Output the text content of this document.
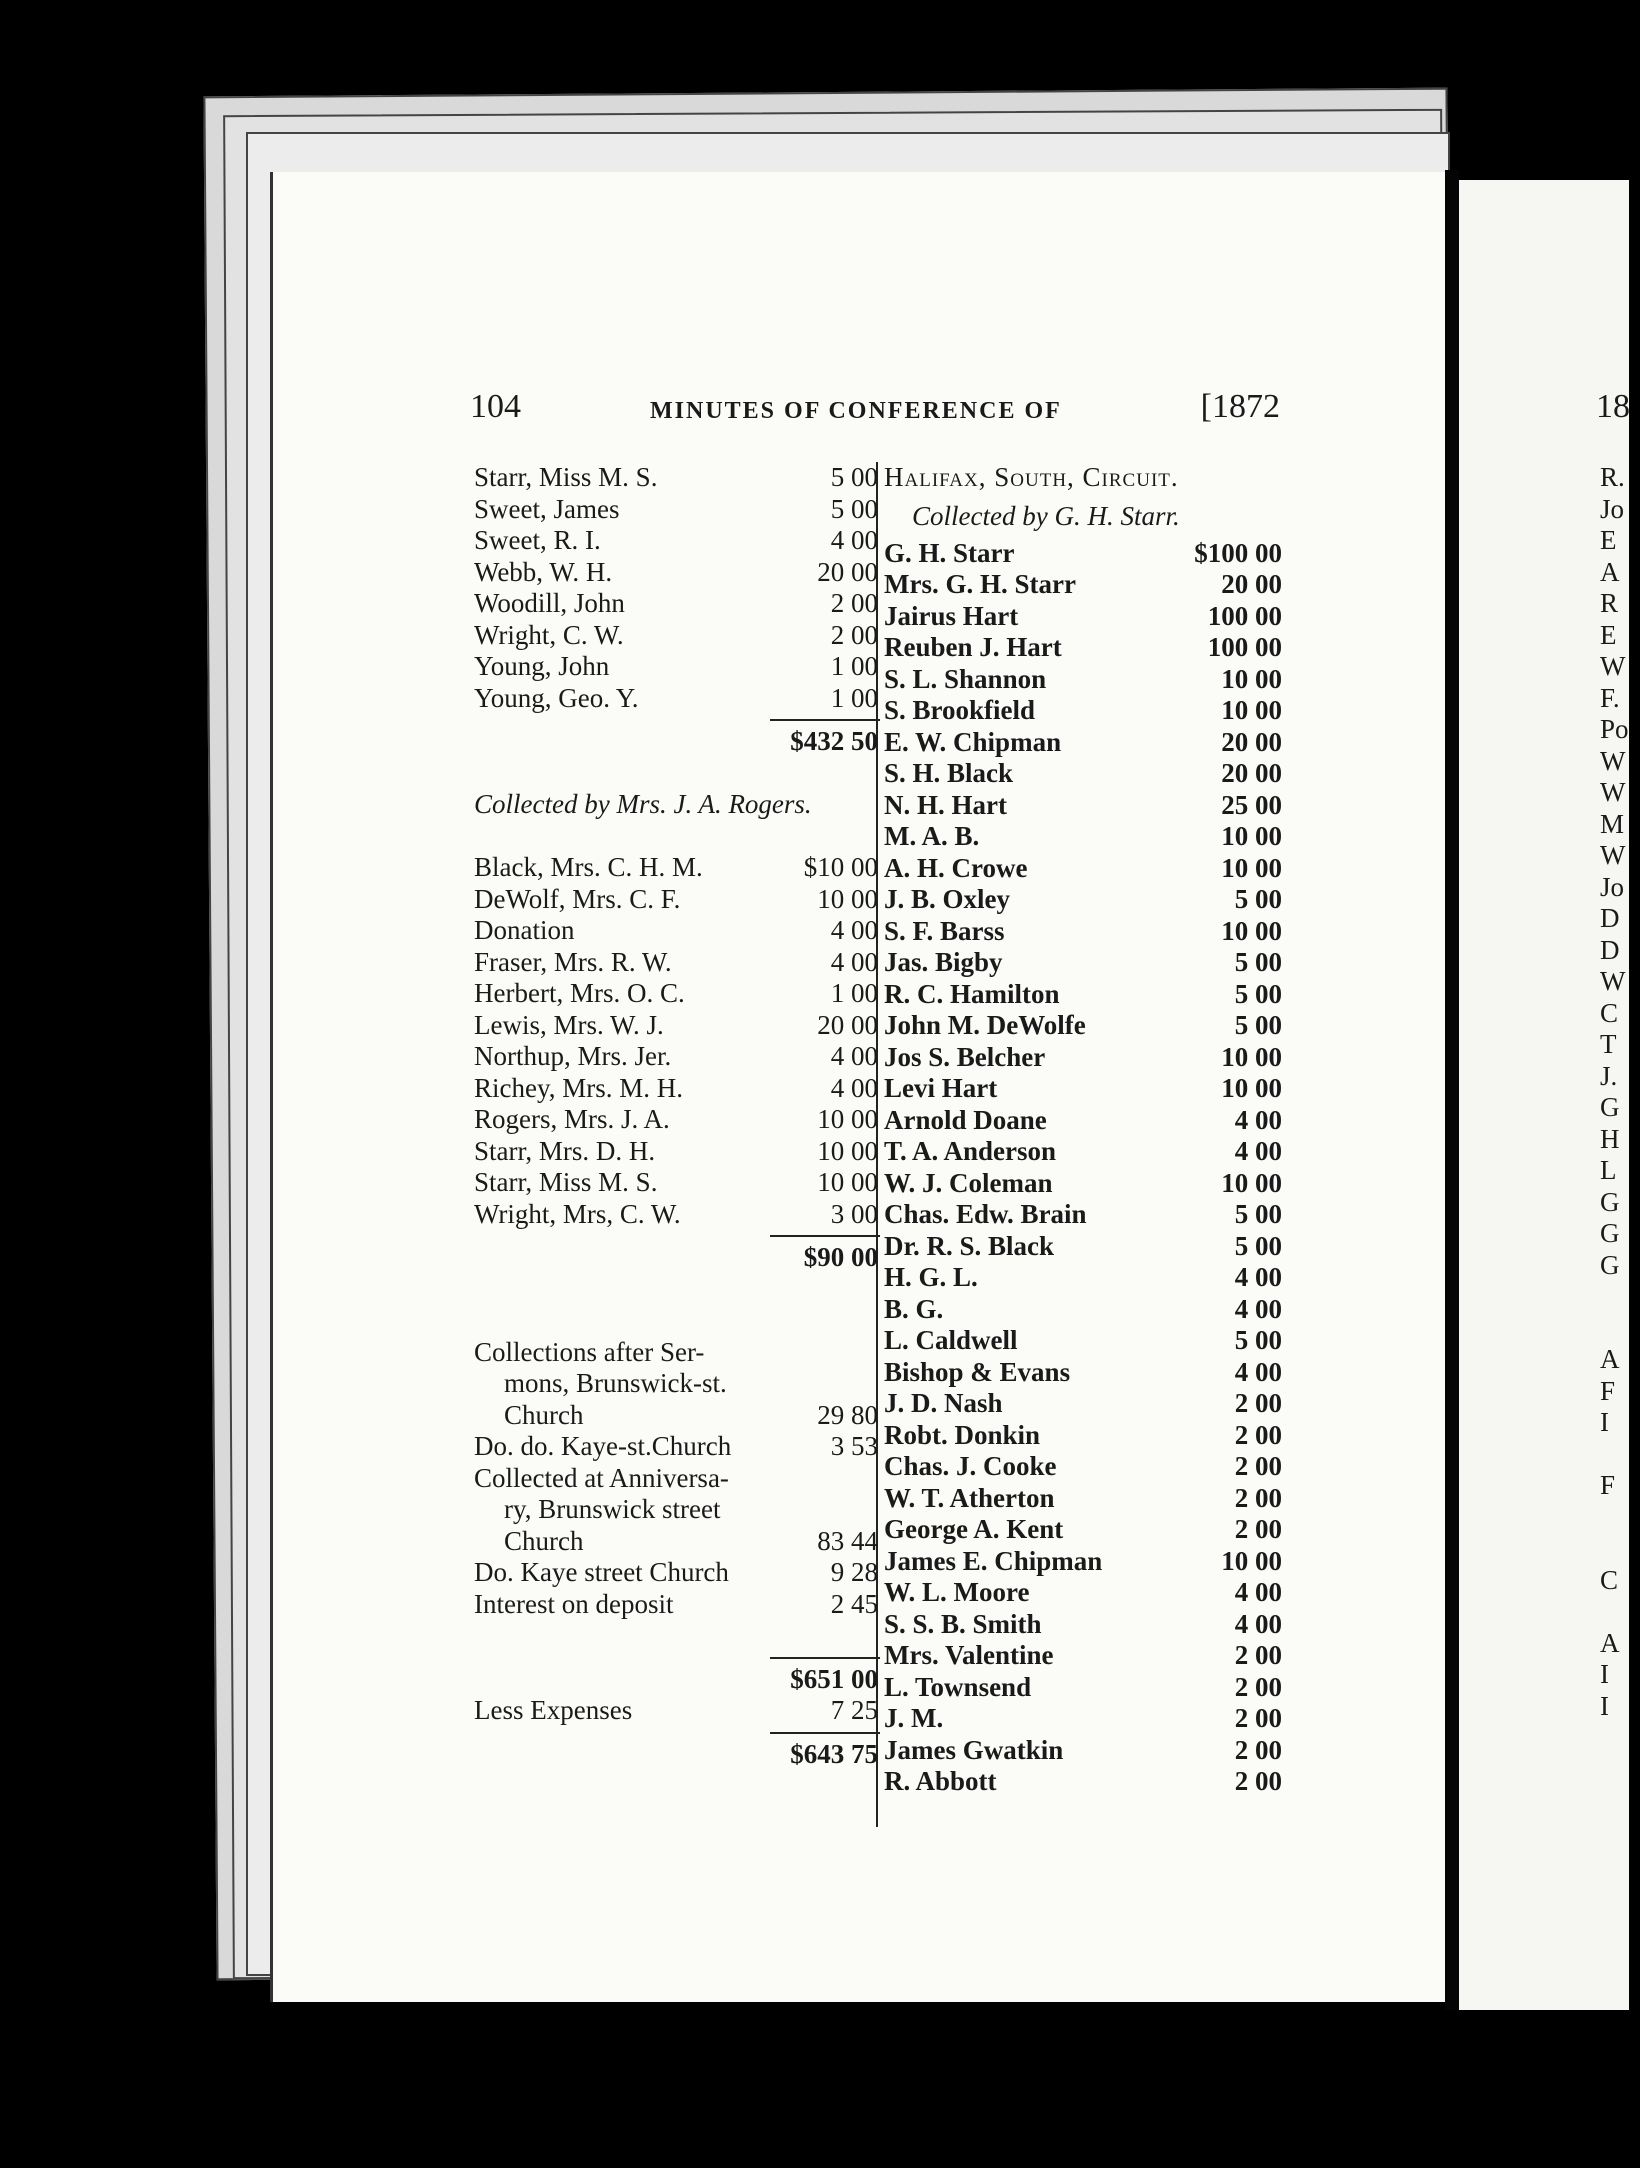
18
R.
Jo
E
A
R
E
W
F.
Po
W
W
M
W
Jo
D
D
W
C
T
J.
G
H
L
G
G
G
A
F
I
F
C
A
I
I
104	MINUTES OF CONFERENCE OF	[1872
Starr, Miss M. S.	5 00
Sweet, James	5 00
Sweet, R. I.	4 00
Webb, W. H.	20 00
Woodill, John	2 00
Wright, C. W.	2 00
Young, John	1 00
Young, Geo. Y.	1 00
$432 50
Collected by Mrs. J. A. Rogers.
Black, Mrs. C. H. M.	$10 00
DeWolf, Mrs. C. F.	10 00
Donation	4 00
Fraser, Mrs. R. W.	4 00
Herbert, Mrs. O. C.	1 00
Lewis, Mrs. W. J.	20 00
Northup, Mrs. Jer.	4 00
Richey, Mrs. M. H.	4 00
Rogers, Mrs. J. A.	10 00
Starr, Mrs. D. H.	10 00
Starr, Miss M. S.	10 00
Wright, Mrs, C. W.	3 00
$90 00
Collections after Ser-
mons, Brunswick-st.
Church	29 80
Do. do. Kaye-st.Church	3 53
Collected at Anniversa-
ry, Brunswick street
Church	83 44
Do. Kaye street Church	9 28
Interest on deposit	2 45
$651 00
Less Expenses	7 25
$643 75
Halifax, South, Circuit.
Collected by G. H. Starr.
G. H. Starr	$100 00
Mrs. G. H. Starr	20 00
Jairus Hart	100 00
Reuben J. Hart	100 00
S. L. Shannon	10 00
S. Brookfield	10 00
E. W. Chipman	20 00
S. H. Black	20 00
N. H. Hart	25 00
M. A. B.	10 00
A. H. Crowe	10 00
J. B. Oxley	5 00
S. F. Barss	10 00
Jas. Bigby	5 00
R. C. Hamilton	5 00
John M. DeWolfe	5 00
Jos S. Belcher	10 00
Levi Hart	10 00
Arnold Doane	4 00
T. A. Anderson	4 00
W. J. Coleman	10 00
Chas. Edw. Brain	5 00
Dr. R. S. Black	5 00
H. G. L.	4 00
B. G.	4 00
L. Caldwell	5 00
Bishop & Evans	4 00
J. D. Nash	2 00
Robt. Donkin	2 00
Chas. J. Cooke	2 00
W. T. Atherton	2 00
George A. Kent	2 00
James E. Chipman	10 00
W. L. Moore	4 00
S. S. B. Smith	4 00
Mrs. Valentine	2 00
L. Townsend	2 00
J. M.	2 00
James Gwatkin	2 00
R. Abbott	2 00
